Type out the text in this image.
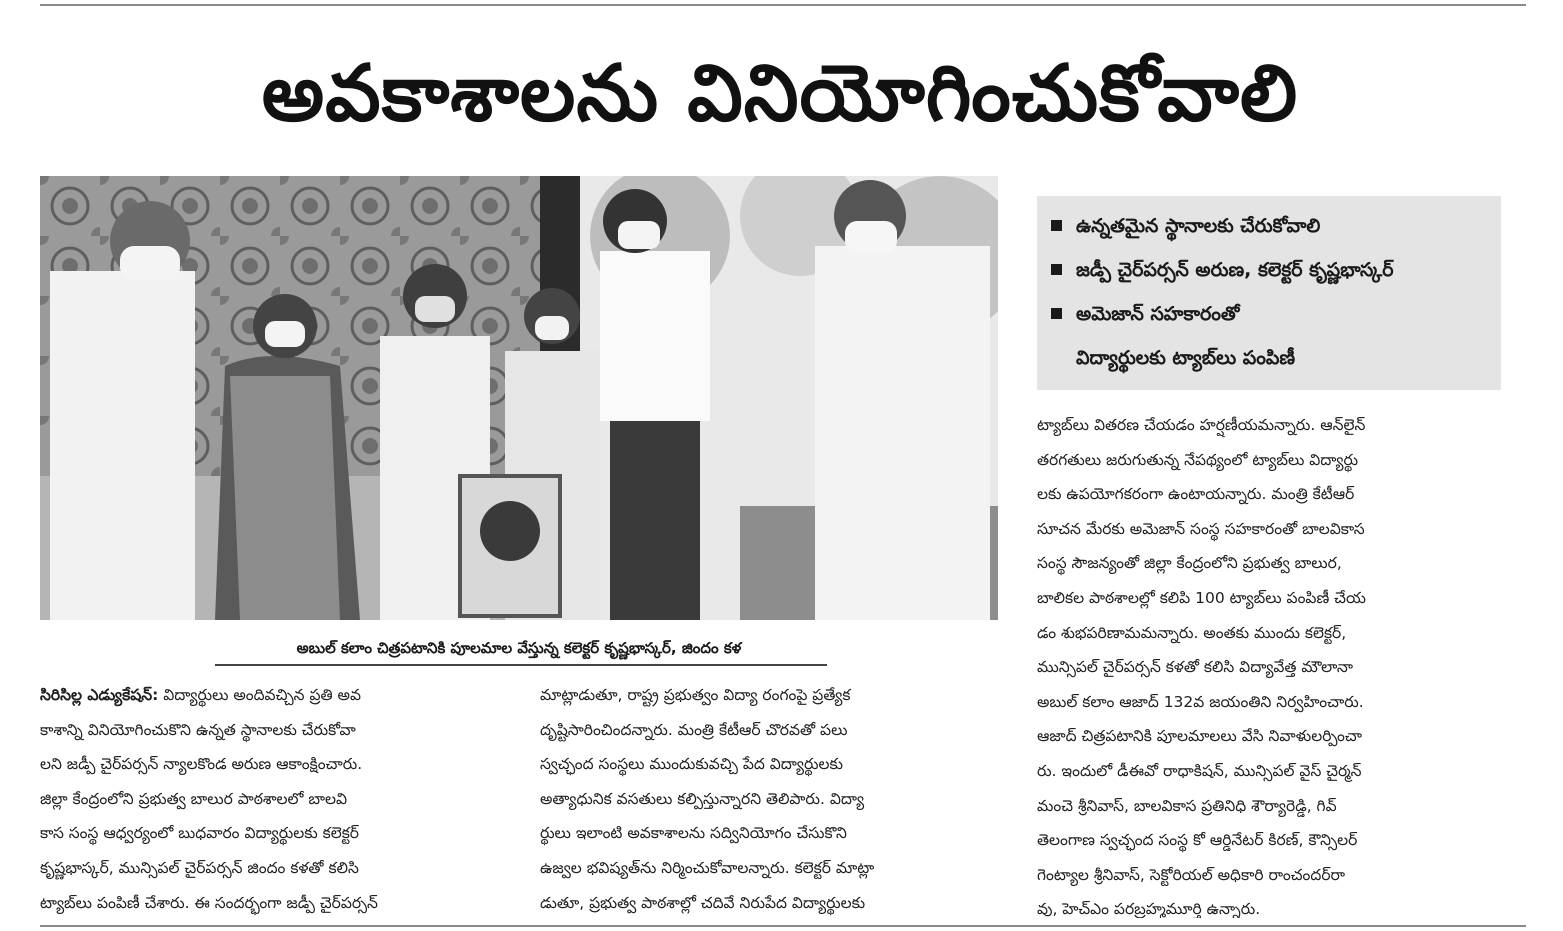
అవకాశాలను వినియోగించుకోవాలి
అబుల్‌ కలాం చిత్రపటానికి పూలమాల వేస్తున్న కలెక్టర్‌ కృష్ణభాస్కర్‌, జిందం కళ
ఉన్నతమైన స్థానాలకు చేరుకోవాలి
జడ్పీ చైర్‌పర్సన్‌ అరుణ, కలెక్టర్‌ కృష్ణభాస్కర్‌
అమెజాన్‌ సహకారంతో
విద్యార్థులకు ట్యాబ్‌లు పంపిణీ
సిరిసిల్ల ఎడ్యుకేషన్‌: విద్యార్థులు అందివచ్చిన ప్రతి అవ
కాశాన్ని వినియోగించుకొని ఉన్నత స్థానాలకు చేరుకోవా
లని జడ్పీ చైర్‌పర్సన్‌ న్యాలకొండ అరుణ ఆకాంక్షించారు.
జిల్లా కేంద్రంలోని ప్రభుత్వ బాలుర పాఠశాలలో బాలవి
కాస సంస్థ ఆధ్వర్యంలో బుధవారం విద్యార్థులకు కలెక్టర్‌
కృష్ణభాస్కర్‌, మున్సిపల్‌ చైర్‌పర్సన్‌ జిందం కళతో కలిసి
ట్యాబ్‌లు పంపిణీ చేశారు. ఈ సందర్భంగా జడ్పీ చైర్‌పర్సన్‌
మాట్లాడుతూ, రాష్ట్ర ప్రభుత్వం విద్యా రంగంపై ప్రత్యేక
దృష్టిసారించిందన్నారు. మంత్రి కేటీఆర్‌ చొరవతో పలు
స్వచ్ఛంద సంస్థలు ముందుకువచ్చి పేద విద్యార్థులకు
అత్యాధునిక వసతులు కల్పిస్తున్నారని తెలిపారు. విద్యా
ర్థులు ఇలాంటి అవకాశాలను సద్వినియోగం చేసుకొని
ఉజ్వల భవిష్యత్‌ను నిర్మించుకోవాలన్నారు. కలెక్టర్‌ మాట్లా
డుతూ, ప్రభుత్వ పాఠశాల్లో చదివే నిరుపేద విద్యార్థులకు
ట్యాబ్‌లు వితరణ చేయడం హర్షణీయమన్నారు. ఆన్‌లైన్‌
తరగతులు జరుగుతున్న నేపథ్యంలో ట్యాబ్‌లు విద్యార్థు
లకు ఉపయోగకరంగా ఉంటాయన్నారు. మంత్రి కేటీఆర్‌
సూచన మేరకు అమెజాన్‌ సంస్థ సహకారంతో బాలవికాస
సంస్థ సౌజన్యంతో జిల్లా కేంద్రంలోని ప్రభుత్వ బాలుర,
బాలికల పాఠశాలల్లో కలిపి 100 ట్యాబ్‌లు పంపిణీ చేయ
డం శుభపరిణామమన్నారు. అంతకు ముందు కలెక్టర్‌,
మున్సిపల్‌ చైర్‌పర్సన్‌ కళతో కలిసి విద్యావేత్త మౌలానా
అబుల్‌ కలాం ఆజాద్‌ 132వ జయంతిని నిర్వహించారు.
ఆజాద్‌ చిత్రపటానికి పూలమాలలు వేసి నివాళులర్పించా
రు. ఇందులో డీఈవో రాధాకిషన్‌, మున్సిపల్‌ వైస్‌ చైర్మన్‌
మంచె శ్రీనివాస్‌, బాలవికాస ప్రతినిధి శౌర్యారెడ్డి, గివ్‌
తెలంగాణ స్వచ్ఛంద సంస్థ కో ఆర్డినేటర్‌ కిరణ్‌, కౌన్సిలర్‌
గెంట్యాల శ్రీనివాస్‌, సెక్టోరియల్‌ అధికారి రాంచందర్‌రా
వు, హెచ్‌ఎం పరబ్రహ్మమూర్తి ఉన్నారు.
